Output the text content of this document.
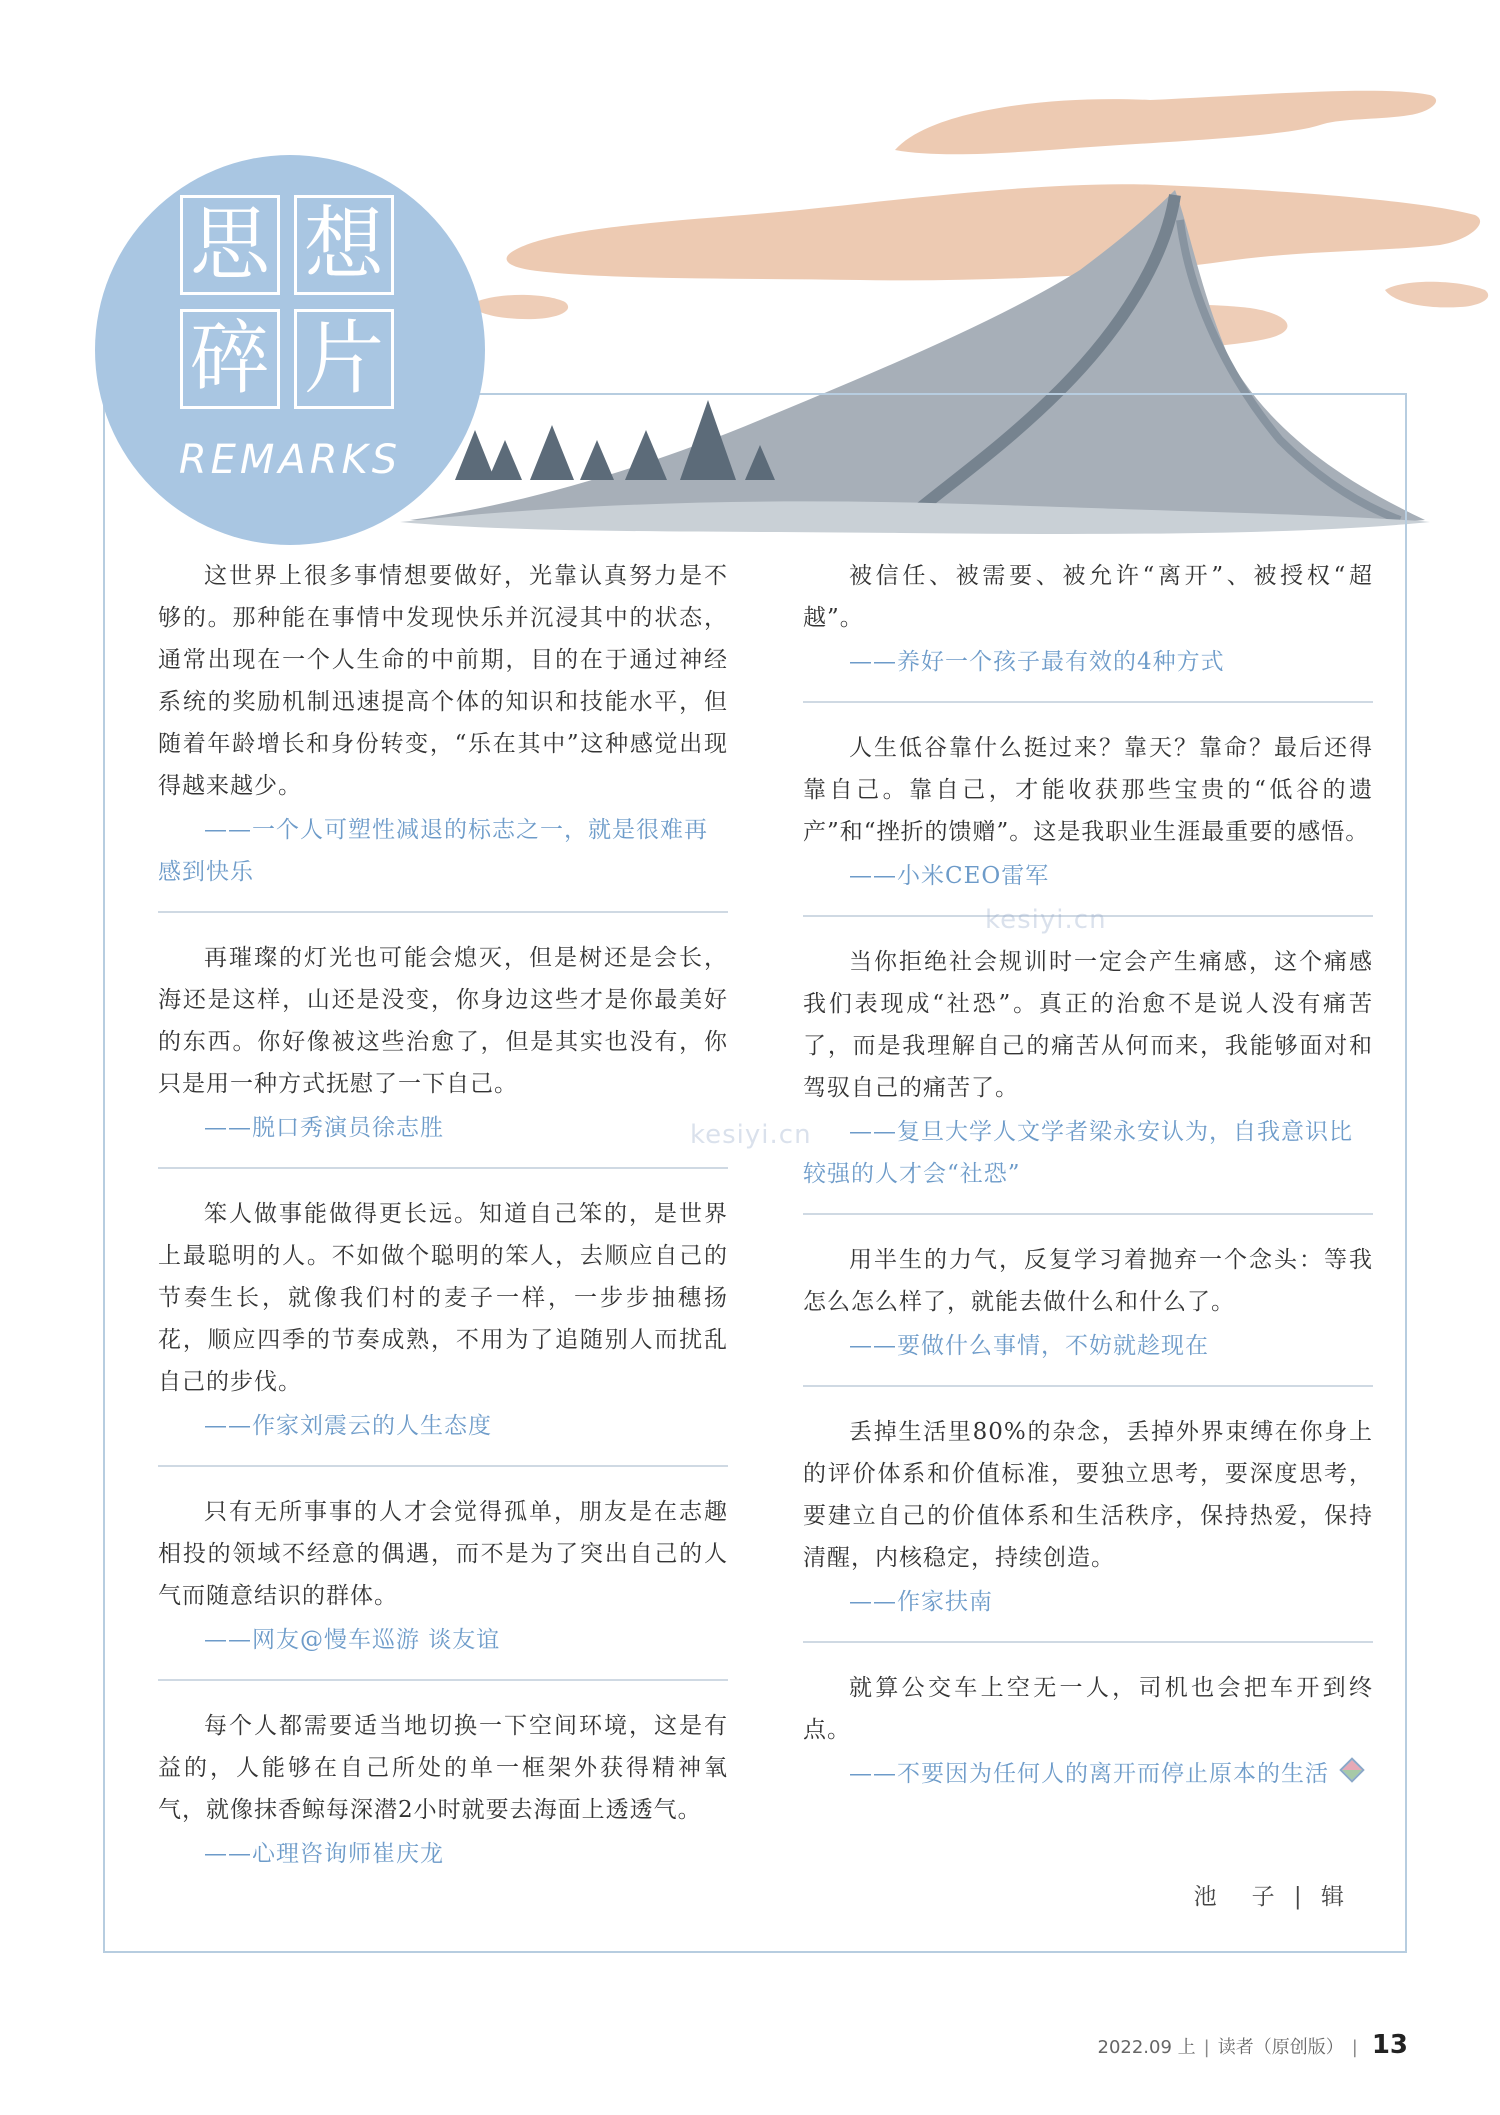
思 想
碎 片
REMARKS

这世界上很多事情想要做好，光靠认真努力是不够的。那种能在事情中发现快乐并沉浸其中的状态，通常出现在一个人生命的中前期，目的在于通过神经系统的奖励机制迅速提高个体的知识和技能水平，但随着年龄增长和身份转变，“乐在其中”这种感觉出现得越来越少。

——一个人可塑性减退的标志之一，就是很难再感到快乐

再璀璨的灯光也可能会熄灭，但是树还是会长，海还是这样，山还是没变，你身边这些才是你最美好的东西。你好像被这些治愈了，但是其实也没有，你只是用一种方式抚慰了一下自己。

——脱口秀演员徐志胜

笨人做事能做得更长远。知道自己笨的，是世界上最聪明的人。不如做个聪明的笨人，去顺应自己的节奏生长，就像我们村的麦子一样，一步步抽穗扬花，顺应四季的节奏成熟，不用为了追随别人而扰乱自己的步伐。

——作家刘震云的人生态度

只有无所事事的人才会觉得孤单，朋友是在志趣相投的领域不经意的偶遇，而不是为了突出自己的人气而随意结识的群体。

——网友@慢车巡游 谈友谊

每个人都需要适当地切换一下空间环境，这是有益的，人能够在自己所处的单一框架外获得精神氧气，就像抹香鲸每深潜2小时就要去海面上透透气。

——心理咨询师崔庆龙

被信任、被需要、被允许“离开”、被授权“超越”。

——养好一个孩子最有效的4种方式

人生低谷靠什么挺过来？靠天？靠命？最后还得靠自己。靠自己，才能收获那些宝贵的“低谷的遗产”和“挫折的馈赠”。这是我职业生涯最重要的感悟。

——小米CEO雷军

当你拒绝社会规训时一定会产生痛感，这个痛感我们表现成“社恐”。真正的治愈不是说人没有痛苦了，而是我理解自己的痛苦从何而来，我能够面对和驾驭自己的痛苦了。

——复旦大学人文学者梁永安认为，自我意识比较强的人才会“社恐”

用半生的力气，反复学习着抛弃一个念头：等我怎么怎么样了，就能去做什么和什么了。

——要做什么事情，不妨就趁现在

丢掉生活里80%的杂念，丢掉外界束缚在你身上的评价体系和价值标准，要独立思考，要深度思考，要建立自己的价值体系和生活秩序，保持热爱，保持清醒，内核稳定，持续创造。

——作家扶南

就算公交车上空无一人，司机也会把车开到终点。

——不要因为任何人的离开而停止原本的生活

池　子 | 辑
kesiyi.cn
kesiyi.cn
2022.09 上 | 读者（原创版） | 13
